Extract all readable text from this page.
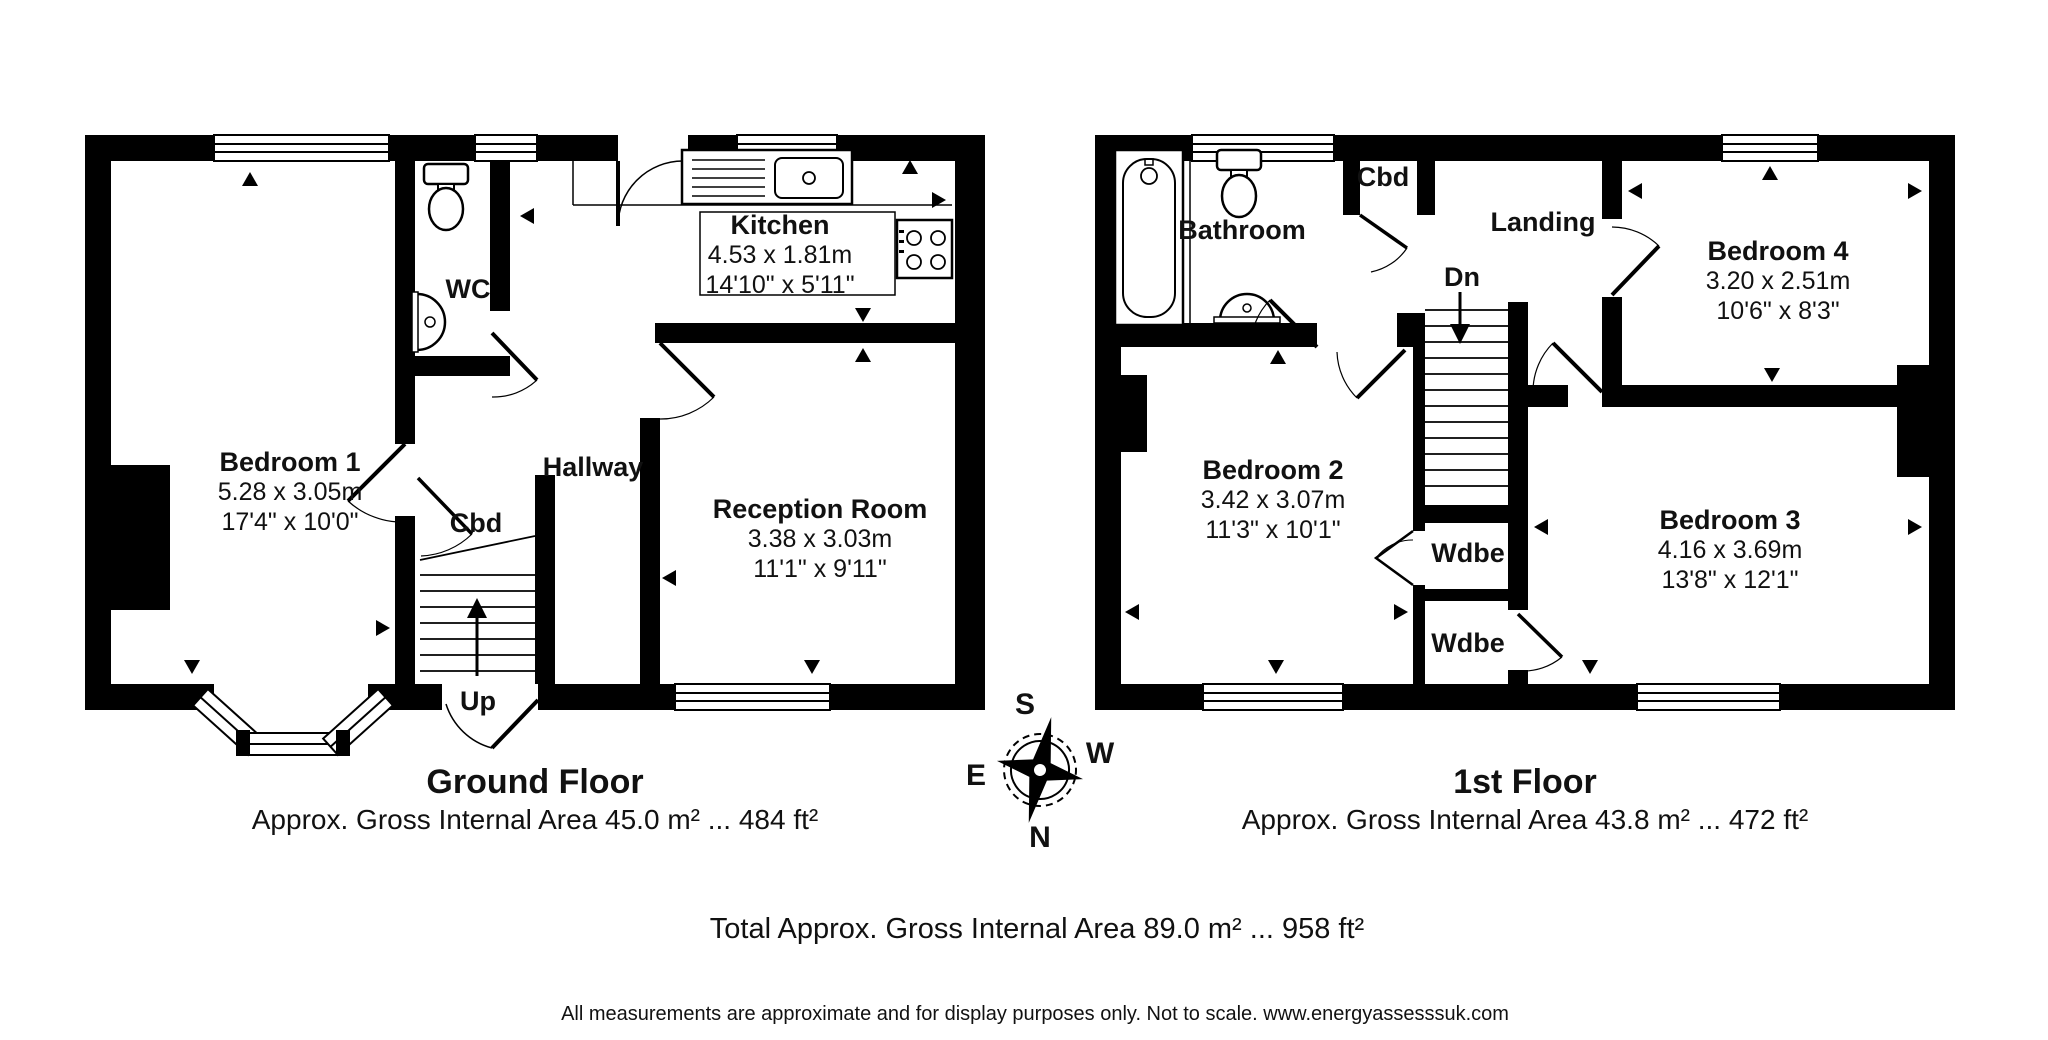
Bedroom 1
5.28 x 3.05m
17'4" x 10'0"
WC
Kitchen
4.53 x 1.81m
14'10" x 5'11"
Cbd
Hallway
Reception Room
3.38 x 3.03m
11'1" x 9'11"
Up
Bathroom
Cbd
Landing
Dn
Bedroom 4
3.20 x 2.51m
10'6" x 8'3"
Bedroom 2
3.42 x 3.07m
11'3" x 10'1"
Wdbe
Wdbe
Bedroom 3
4.16 x 3.69m
13'8" x 12'1"
Ground Floor
Approx. Gross Internal Area 45.0 m² ... 484 ft²
1st Floor
Approx. Gross Internal Area 43.8 m² ... 472 ft²
S
W
E
N
Total Approx. Gross Internal Area 89.0 m² ... 958 ft²
All measurements are approximate and for display purposes only. Not to scale. www.energyassesssuk.com
